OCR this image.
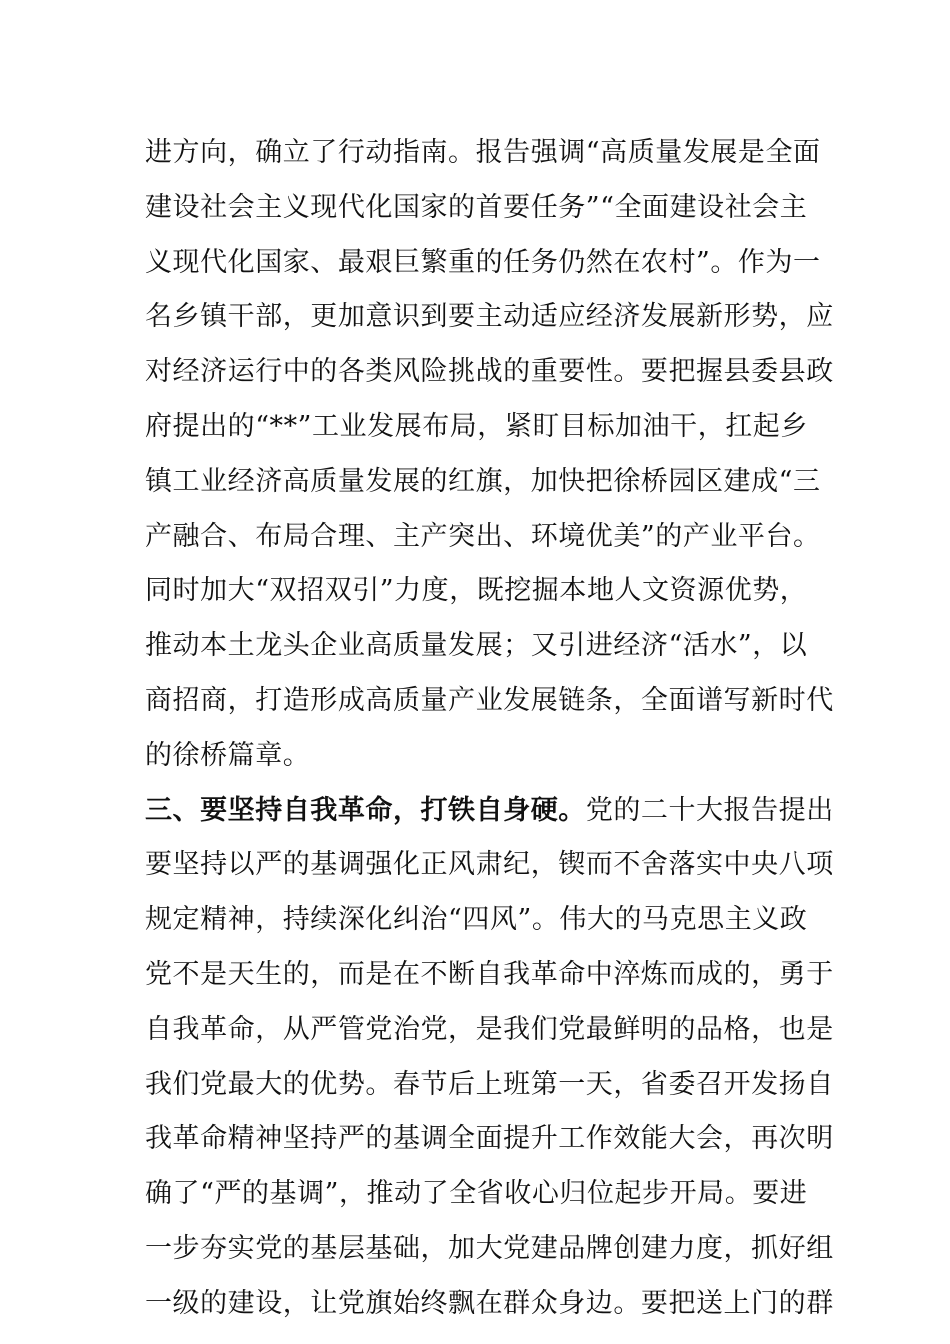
进方向，确立了行动指南。报告强调“高质量发展是全面
建设社会主义现代化国家的首要任务”“全面建设社会主
义现代化国家、最艰巨繁重的任务仍然在农村”。作为一
名乡镇干部，更加意识到要主动适应经济发展新形势，应
对经济运行中的各类风险挑战的重要性。要把握县委县政
府提出的“**”工业发展布局，紧盯目标加油干，扛起乡
镇工业经济高质量发展的红旗，加快把徐桥园区建成“三
产融合、布局合理、主产突出、环境优美”的产业平台。
同时加大“双招双引”力度，既挖掘本地人文资源优势，
推动本土龙头企业高质量发展；又引进经济“活水”，以
商招商，打造形成高质量产业发展链条，全面谱写新时代
的徐桥篇章。
三、要坚持自我革命，打铁自身硬。党的二十大报告提出
要坚持以严的基调强化正风肃纪，锲而不舍落实中央八项
规定精神，持续深化纠治“四风”。伟大的马克思主义政
党不是天生的，而是在不断自我革命中淬炼而成的，勇于
自我革命，从严管党治党，是我们党最鲜明的品格，也是
我们党最大的优势。春节后上班第一天，省委召开发扬自
我革命精神坚持严的基调全面提升工作效能大会，再次明
确了“严的基调”，推动了全省收心归位起步开局。要进
一步夯实党的基层基础，加大党建品牌创建力度，抓好组
一级的建设，让党旗始终飘在群众身边。要把送上门的群
